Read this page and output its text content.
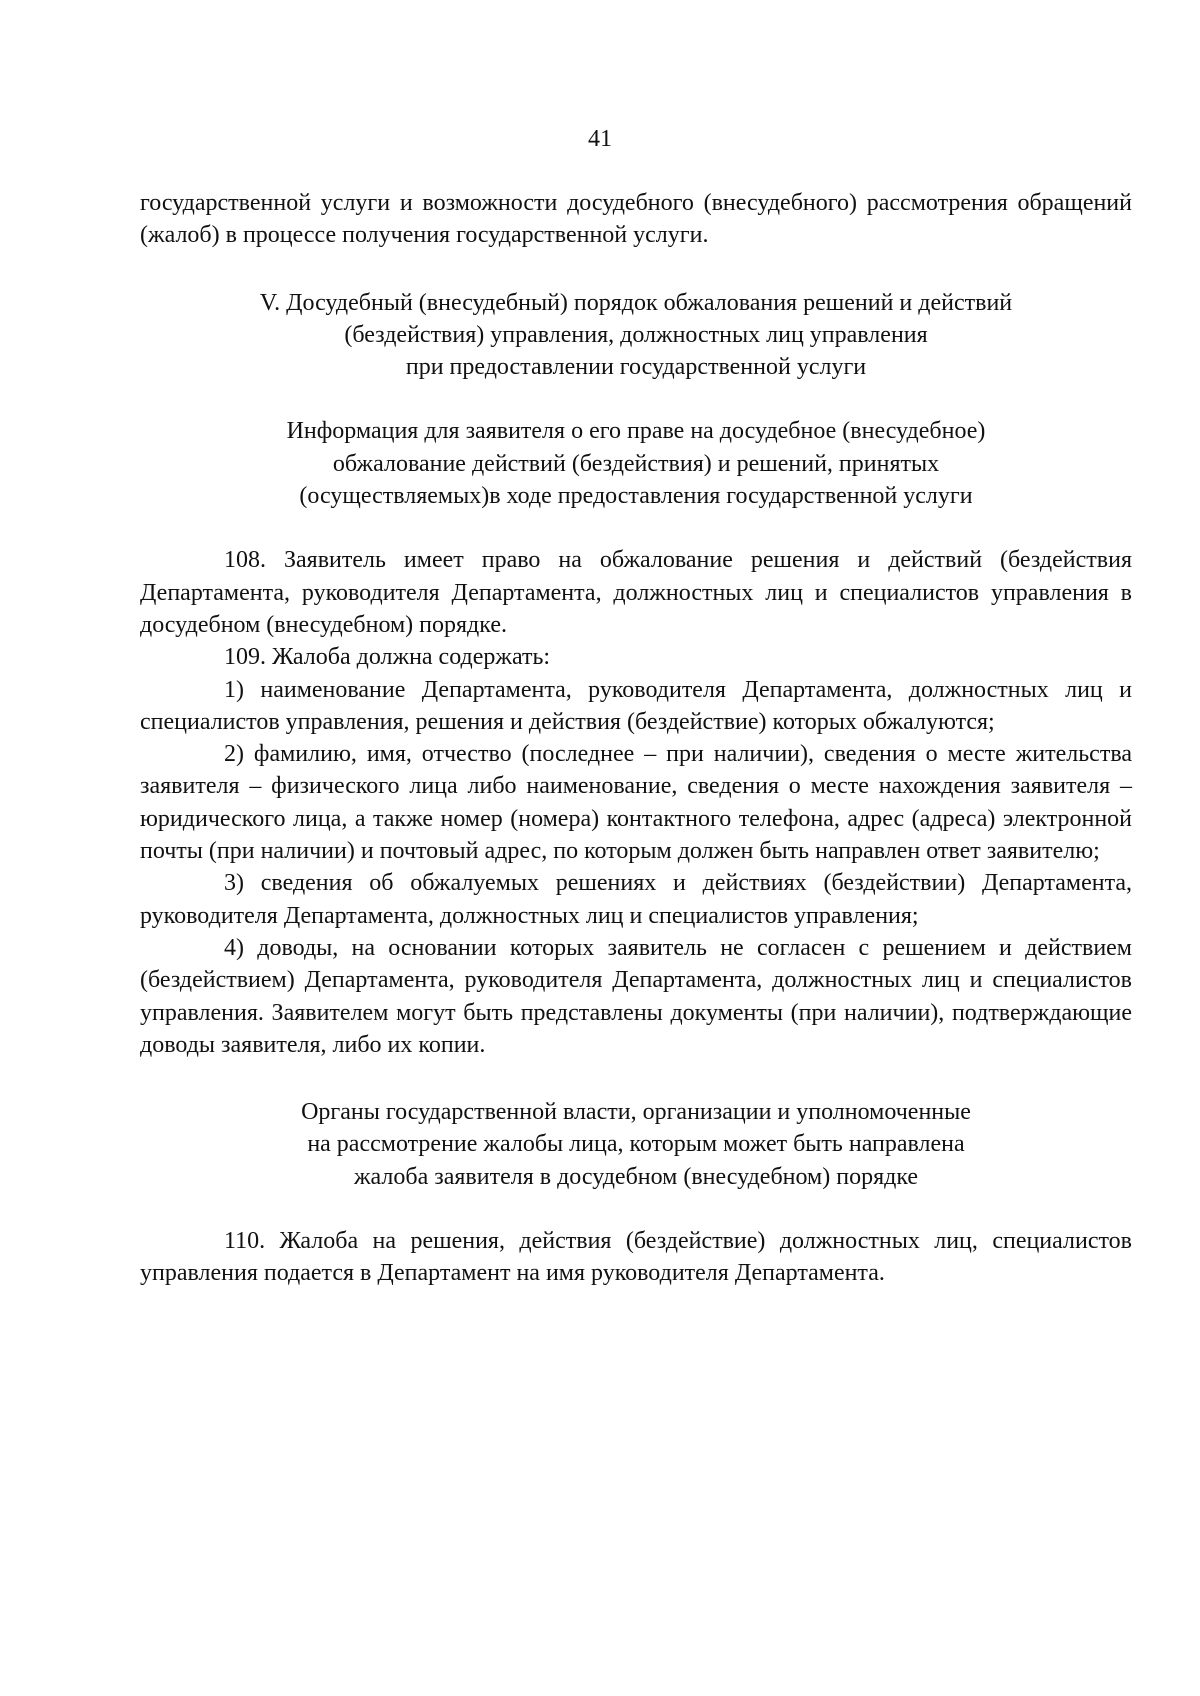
41

государственной услуги и возможности досудебного (внесудебного) рассмотрения обращений (жалоб) в процессе получения государственной услуги.

V. Досудебный (внесудебный) порядок обжалования решений и действий
(бездействия) управления, должностных лиц управления
при предоставлении государственной услуги
Информация для заявителя о его праве на досудебное (внесудебное)
обжалование действий (бездействия) и решений, принятых
(осуществляемых)в ходе предоставления государственной услуги

108. Заявитель имеет право на обжалование решения и действий (бездействия Департамента, руководителя Департамента, должностных лиц и специалистов управления в досудебном (внесудебном) порядке.

109. Жалоба должна содержать:

1) наименование Департамента, руководителя Департамента, должностных лиц и специалистов управления, решения и действия (бездействие) которых обжалуются;

2) фамилию, имя, отчество (последнее – при наличии), сведения о месте жительства заявителя – физического лица либо наименование, сведения о месте нахождения заявителя – юридического лица, а также номер (номера) контактного телефона, адрес (адреса) электронной почты (при наличии) и почтовый адрес, по которым должен быть направлен ответ заявителю;

3) сведения об обжалуемых решениях и действиях (бездействии) Департамента, руководителя Департамента, должностных лиц и специалистов управления;

4) доводы, на основании которых заявитель не согласен с решением и действием (бездействием) Департамента, руководителя Департамента, должностных лиц и специалистов управления. Заявителем могут быть представлены документы (при наличии), подтверждающие доводы заявителя, либо их копии.

Органы государственной власти, организации и уполномоченные
на рассмотрение жалобы лица, которым может быть направлена
жалоба заявителя в досудебном (внесудебном) порядке

110. Жалоба на решения, действия (бездействие) должностных лиц, специалистов управления подается в Департамент на имя руководителя Департамента.
